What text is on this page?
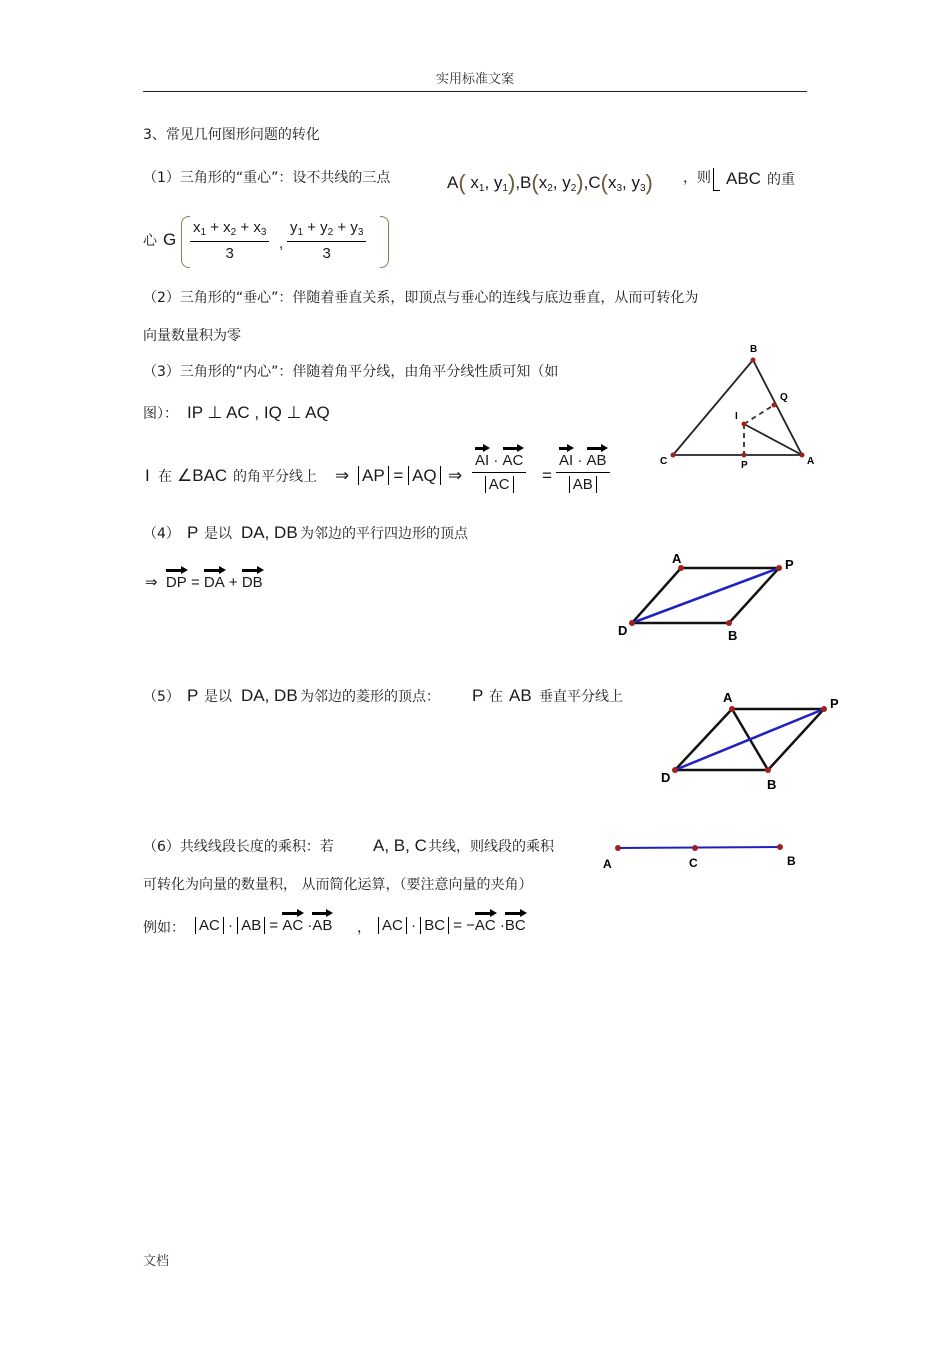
实用标准文案
3、常见几何图形问题的转化
（1）三角形的“重心”：设不共线的三点	A( $x_1$, $y_1),B(x_2$, $y_2),C(x_3$, $y_3$) ，则 ABC 的重
心 G $\frac{x_1 + x_2 + x_3}{3}$ , $\frac{y_1 + y_2 + y_3}{3}$
（2）三角形的“垂心”：伴随着垂直关系，即顶点与垂心的连线与底边垂直，从而可转化为
向量数量积为零
（3）三角形的“内心”：伴随着角平分线，由角平分线性质可知（如
图）： IP ⊥ AC , IQ ⊥ AQ
I 在 ∠BAC 的角平分线上 ⇒ AP = AQ ⇒ $\frac{AI \cdot AC}{AC} = \frac{AI \cdot AB}{AB}$
B
Q
I
C	P	A
（4） P 是以 DA, DB 为邻边的平行四边形的顶点
⇒ DP = DA + DB
A	P
D	B
（5） P 是以 DA, DB 为邻边的菱形的顶点： P 在 AB 垂直平分线上	A	P
D	B
（6）共线线段长度的乘积：若 A, B, C 共线，则线段的乘积
可转化为向量的数量积， 从而简化运算，（要注意向量的夹角）
例如： AC · AB = AC ·AB ， AC · BC = −AC ·BC
A	C	B
文档
